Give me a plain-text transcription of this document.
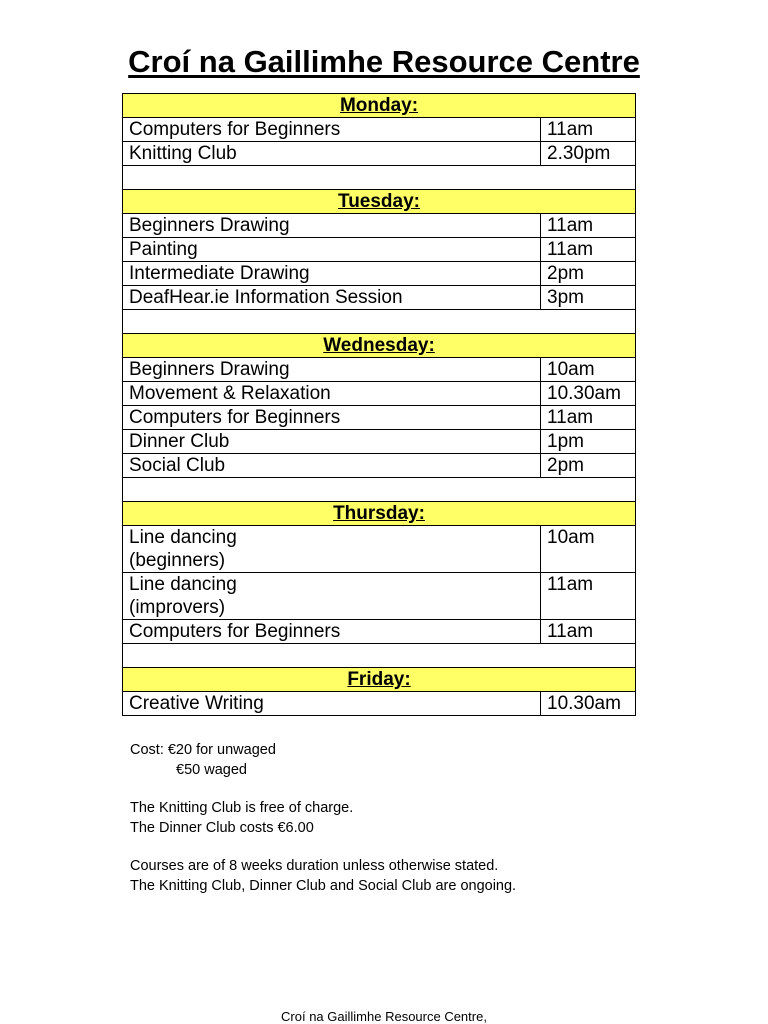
Croí na Gaillimhe Resource Centre
Monday:	

Computers for Beginners	11am

Knitting Club	2.30pm

Tuesday:	

Beginners Drawing	11am

Painting	11am

Intermediate Drawing	2pm

DeafHear.ie Information Session	3pm

Wednesday:	

Beginners Drawing	10am

Movement & Relaxation	10.30am

Computers for Beginners	11am

Dinner Club	1pm

Social Club	2pm

Thursday:	

Line dancing
(beginners)	10am

Line dancing
(improvers)	11am

Computers for Beginners	11am

Friday:	

Creative Writing	10.30am

Cost: €20 for unwaged

€50 waged

The Knitting Club is free of charge.

The Dinner Club costs €6.00

Courses are of 8 weeks duration unless otherwise stated.

The Knitting Club, Dinner Club and Social Club are ongoing.

Croí na Gaillimhe Resource Centre,
